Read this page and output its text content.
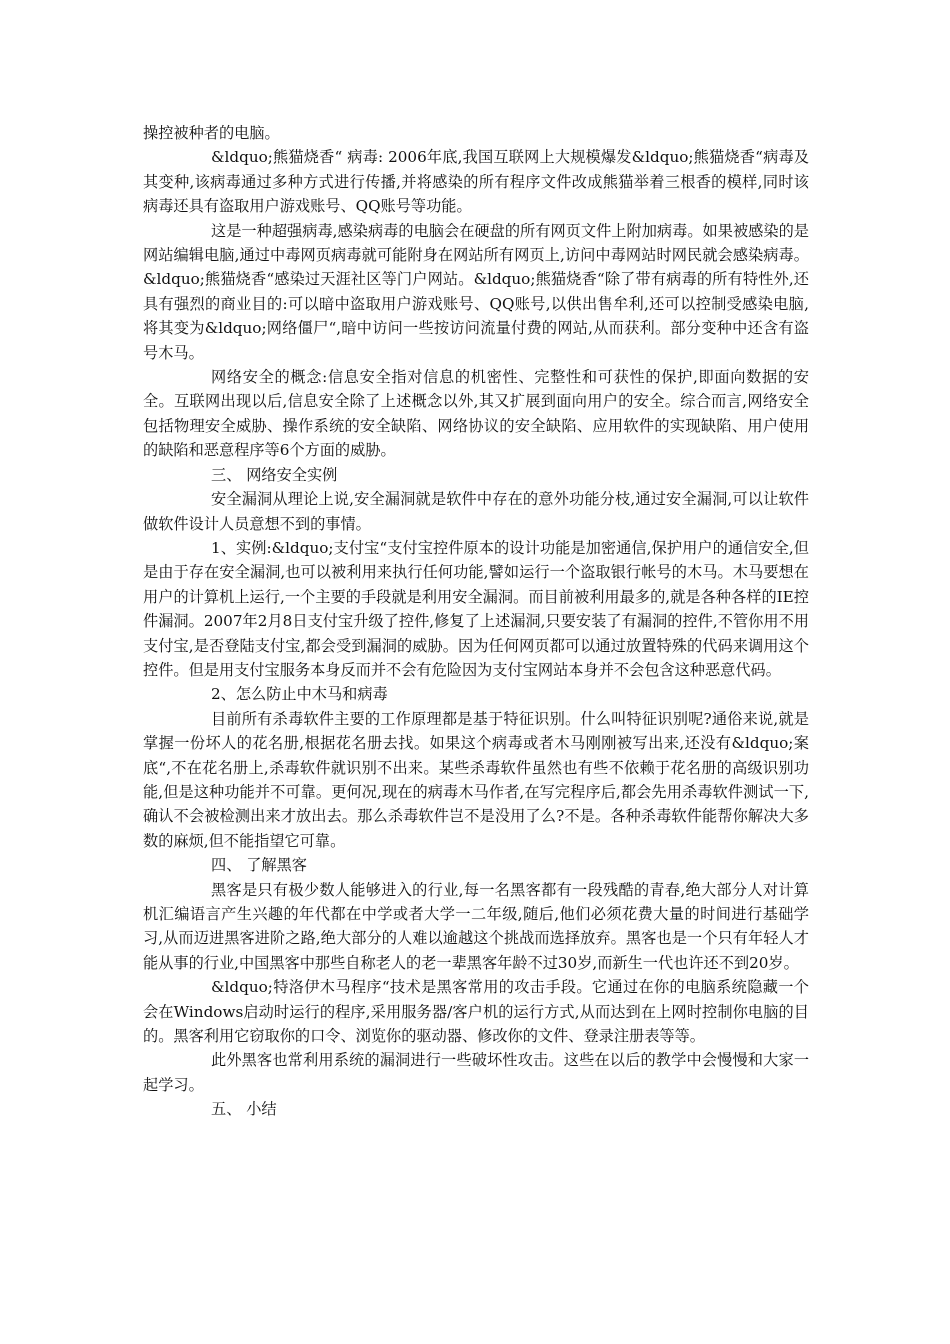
操控被种者的电脑。

&ldquo;熊猫烧香“ 病毒: 2006年底,我国互联网上大规模爆发&ldquo;熊猫烧香“病毒及其变种,该病毒通过多种方式进行传播,并将感染的所有程序文件改成熊猫举着三根香的模样,同时该病毒还具有盗取用户游戏账号、QQ账号等功能。

这是一种超强病毒,感染病毒的电脑会在硬盘的所有网页文件上附加病毒。如果被感染的是网站编辑电脑,通过中毒网页病毒就可能附身在网站所有网页上,访问中毒网站时网民就会感染病毒。&ldquo;熊猫烧香“感染过天涯社区等门户网站。&ldquo;熊猫烧香“除了带有病毒的所有特性外,还具有强烈的商业目的:可以暗中盗取用户游戏账号、QQ账号,以供出售牟利,还可以控制受感染电脑,将其变为&ldquo;网络僵尸“,暗中访问一些按访问流量付费的网站,从而获利。部分变种中还含有盗号木马。

网络安全的概念:信息安全指对信息的机密性、完整性和可获性的保护,即面向数据的安全。互联网出现以后,信息安全除了上述概念以外,其又扩展到面向用户的安全。综合而言,网络安全包括物理安全威胁、操作系统的安全缺陷、网络协议的安全缺陷、应用软件的实现缺陷、用户使用的缺陷和恶意程序等6个方面的威胁。

三、 网络安全实例

安全漏洞从理论上说,安全漏洞就是软件中存在的意外功能分枝,通过安全漏洞,可以让软件做软件设计人员意想不到的事情。

1、实例:&ldquo;支付宝“支付宝控件原本的设计功能是加密通信,保护用户的通信安全,但是由于存在安全漏洞,也可以被利用来执行任何功能,譬如运行一个盗取银行帐号的木马。木马要想在用户的计算机上运行,一个主要的手段就是利用安全漏洞。而目前被利用最多的,就是各种各样的IE控件漏洞。2007年2月8日支付宝升级了控件,修复了上述漏洞,只要安装了有漏洞的控件,不管你用不用支付宝,是否登陆支付宝,都会受到漏洞的威胁。因为任何网页都可以通过放置特殊的代码来调用这个控件。但是用支付宝服务本身反而并不会有危险因为支付宝网站本身并不会包含这种恶意代码。

2、怎么防止中木马和病毒

目前所有杀毒软件主要的工作原理都是基于特征识别。什么叫特征识别呢?通俗来说,就是掌握一份坏人的花名册,根据花名册去找。如果这个病毒或者木马刚刚被写出来,还没有&ldquo;案底“,不在花名册上,杀毒软件就识别不出来。某些杀毒软件虽然也有些不依赖于花名册的高级识别功能,但是这种功能并不可靠。更何况,现在的病毒木马作者,在写完程序后,都会先用杀毒软件测试一下,确认不会被检测出来才放出去。那么杀毒软件岂不是没用了么?不是。各种杀毒软件能帮你解决大多数的麻烦,但不能指望它可靠。

四、 了解黑客

黑客是只有极少数人能够进入的行业,每一名黑客都有一段残酷的青春,绝大部分人对计算机汇编语言产生兴趣的年代都在中学或者大学一二年级,随后,他们必须花费大量的时间进行基础学习,从而迈进黑客进阶之路,绝大部分的人难以逾越这个挑战而选择放弃。黑客也是一个只有年轻人才能从事的行业,中国黑客中那些自称老人的老一辈黑客年龄不过30岁,而新生一代也许还不到20岁。

&ldquo;特洛伊木马程序“技术是黑客常用的攻击手段。它通过在你的电脑系统隐藏一个会在Windows启动时运行的程序,采用服务器/客户机的运行方式,从而达到在上网时控制你电脑的目的。黑客利用它窃取你的口令、浏览你的驱动器、修改你的文件、登录注册表等等。

此外黑客也常利用系统的漏洞进行一些破坏性攻击。这些在以后的教学中会慢慢和大家一起学习。

五、 小结
